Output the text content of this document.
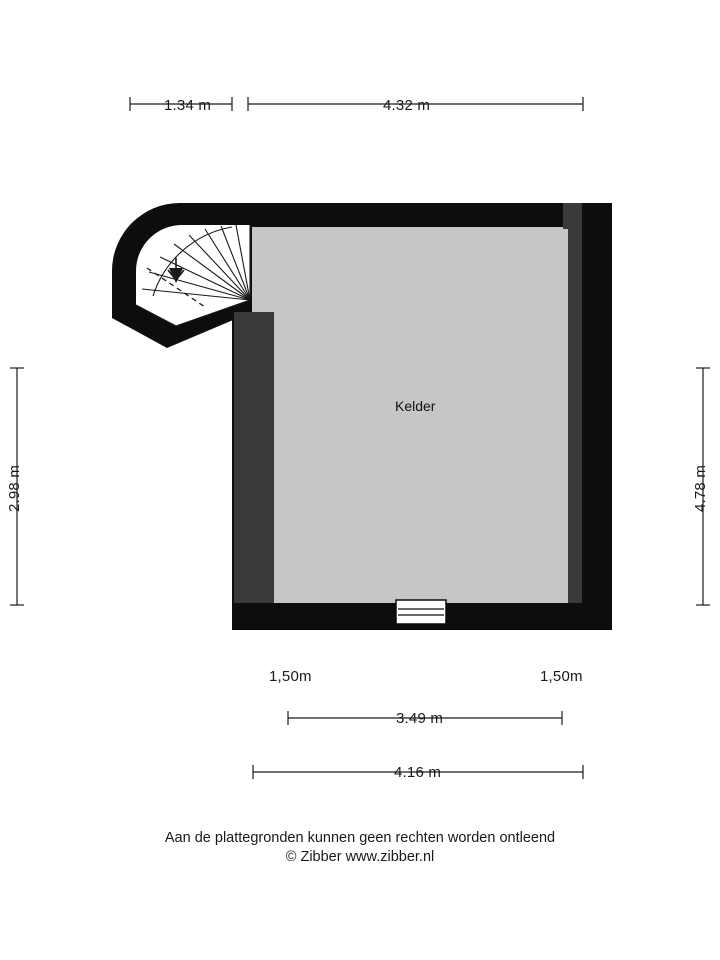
1.34 m	4.32 m
2.98 m	4.78 m
Kelder
1,50m	1,50m
3.49 m
4.16 m
Aan de plattegronden kunnen geen rechten worden ontleend
© Zibber www.zibber.nl
